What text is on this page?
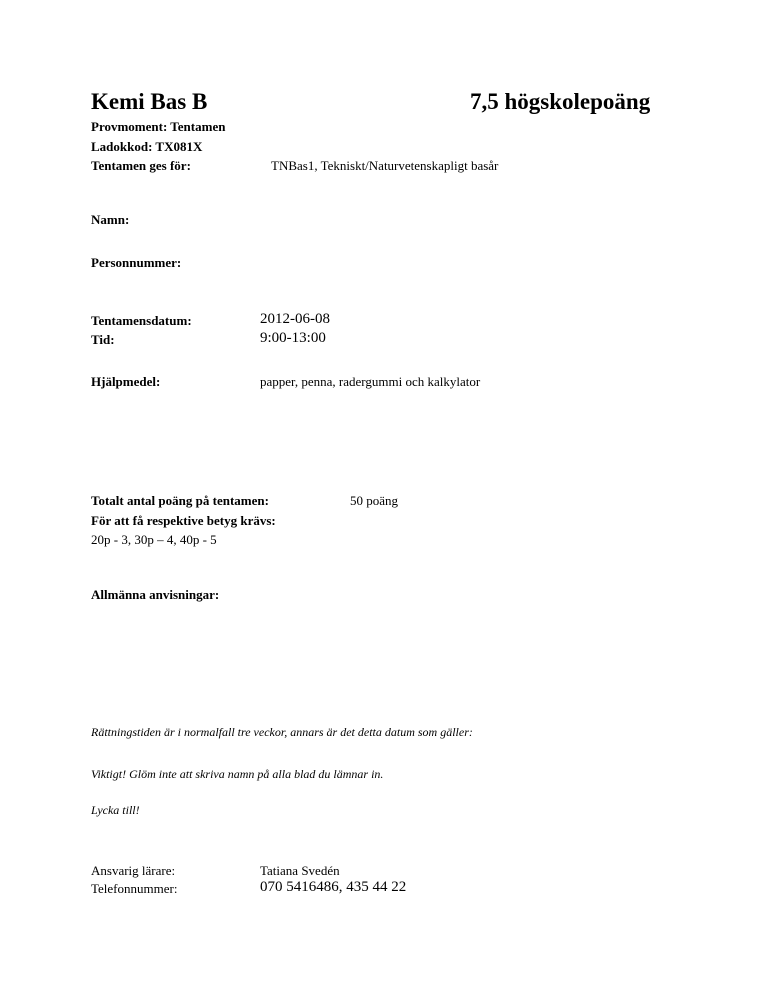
Kemi Bas B	7,5 högskolepoäng
Provmoment: Tentamen
Ladokkod: TX081X
Tentamen ges för:	TNBas1, Tekniskt/Naturvetenskapligt basår
Namn:
Personnummer:
Tentamensdatum:	2012-06-08
Tid:	9:00-13:00
Hjälpmedel:	papper, penna, radergummi och kalkylator
Totalt antal poäng på tentamen:	50 poäng
För att få respektive betyg krävs:
20p - 3, 30p – 4, 40p - 5
Allmänna anvisningar:
Rättningstiden är i normalfall tre veckor, annars är det detta datum som gäller:
Viktigt! Glöm inte att skriva namn på alla blad du lämnar in.
Lycka till!
Ansvarig lärare:	Tatiana Svedén
Telefonnummer:	070 5416486, 435 44 22
